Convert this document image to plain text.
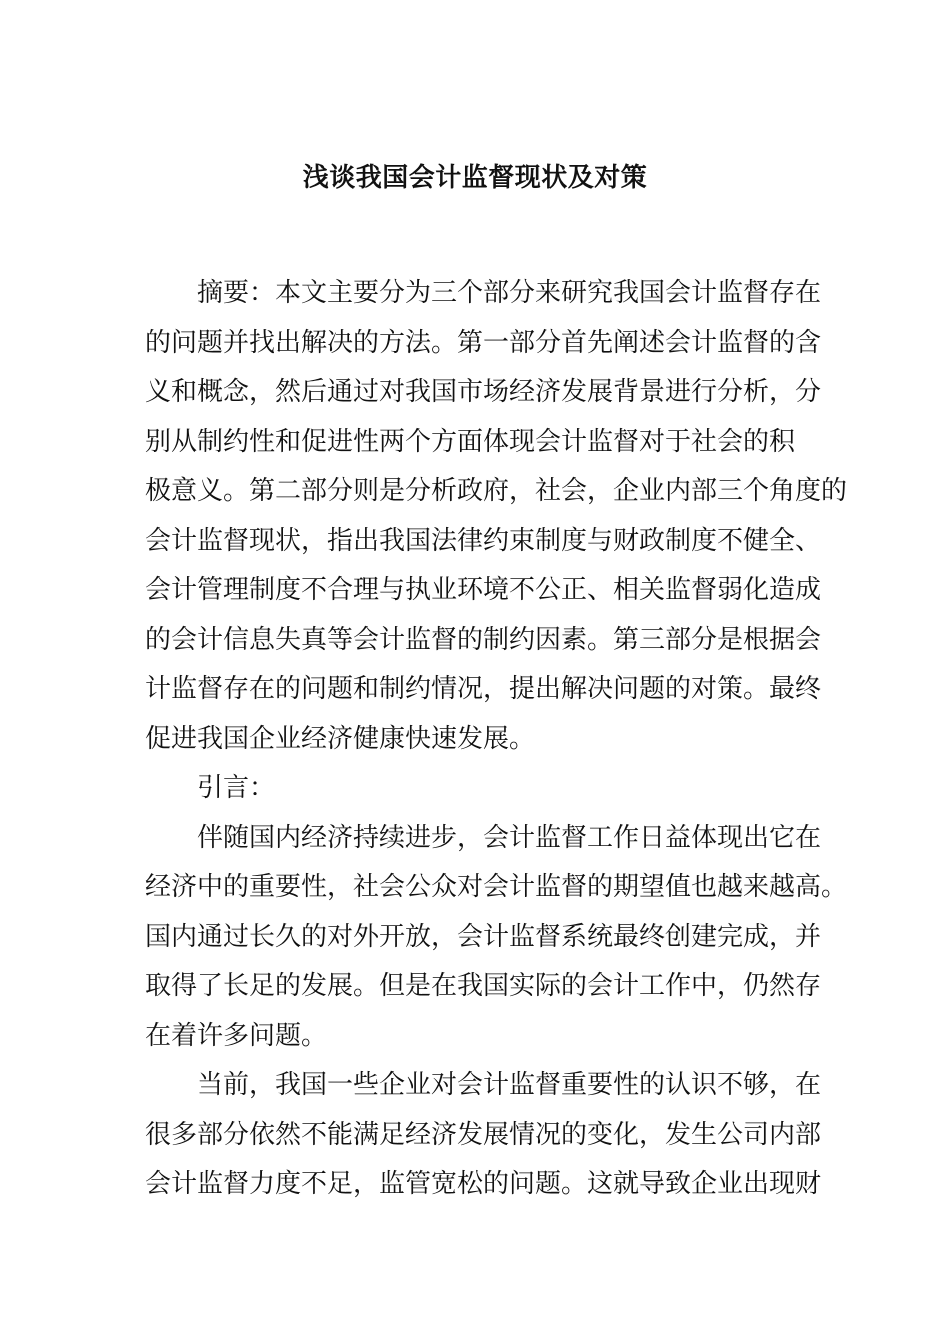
浅谈我国会计监督现状及对策
摘要：本文主要分为三个部分来研究我国会计监督存在
的问题并找出解决的方法。第一部分首先阐述会计监督的含
义和概念，然后通过对我国市场经济发展背景进行分析，分
别从制约性和促进性两个方面体现会计监督对于社会的积
极意义。第二部分则是分析政府，社会，企业内部三个角度的
会计监督现状，指出我国法律约束制度与财政制度不健全、
会计管理制度不合理与执业环境不公正、相关监督弱化造成
的会计信息失真等会计监督的制约因素。第三部分是根据会
计监督存在的问题和制约情况，提出解决问题的对策。最终
促进我国企业经济健康快速发展。
引言：
伴随国内经济持续进步，会计监督工作日益体现出它在
经济中的重要性，社会公众对会计监督的期望值也越来越高。
国内通过长久的对外开放，会计监督系统最终创建完成，并
取得了长足的发展。但是在我国实际的会计工作中，仍然存
在着许多问题。
当前，我国一些企业对会计监督重要性的认识不够，在
很多部分依然不能满足经济发展情况的变化，发生公司内部
会计监督力度不足，监管宽松的问题。这就导致企业出现财
